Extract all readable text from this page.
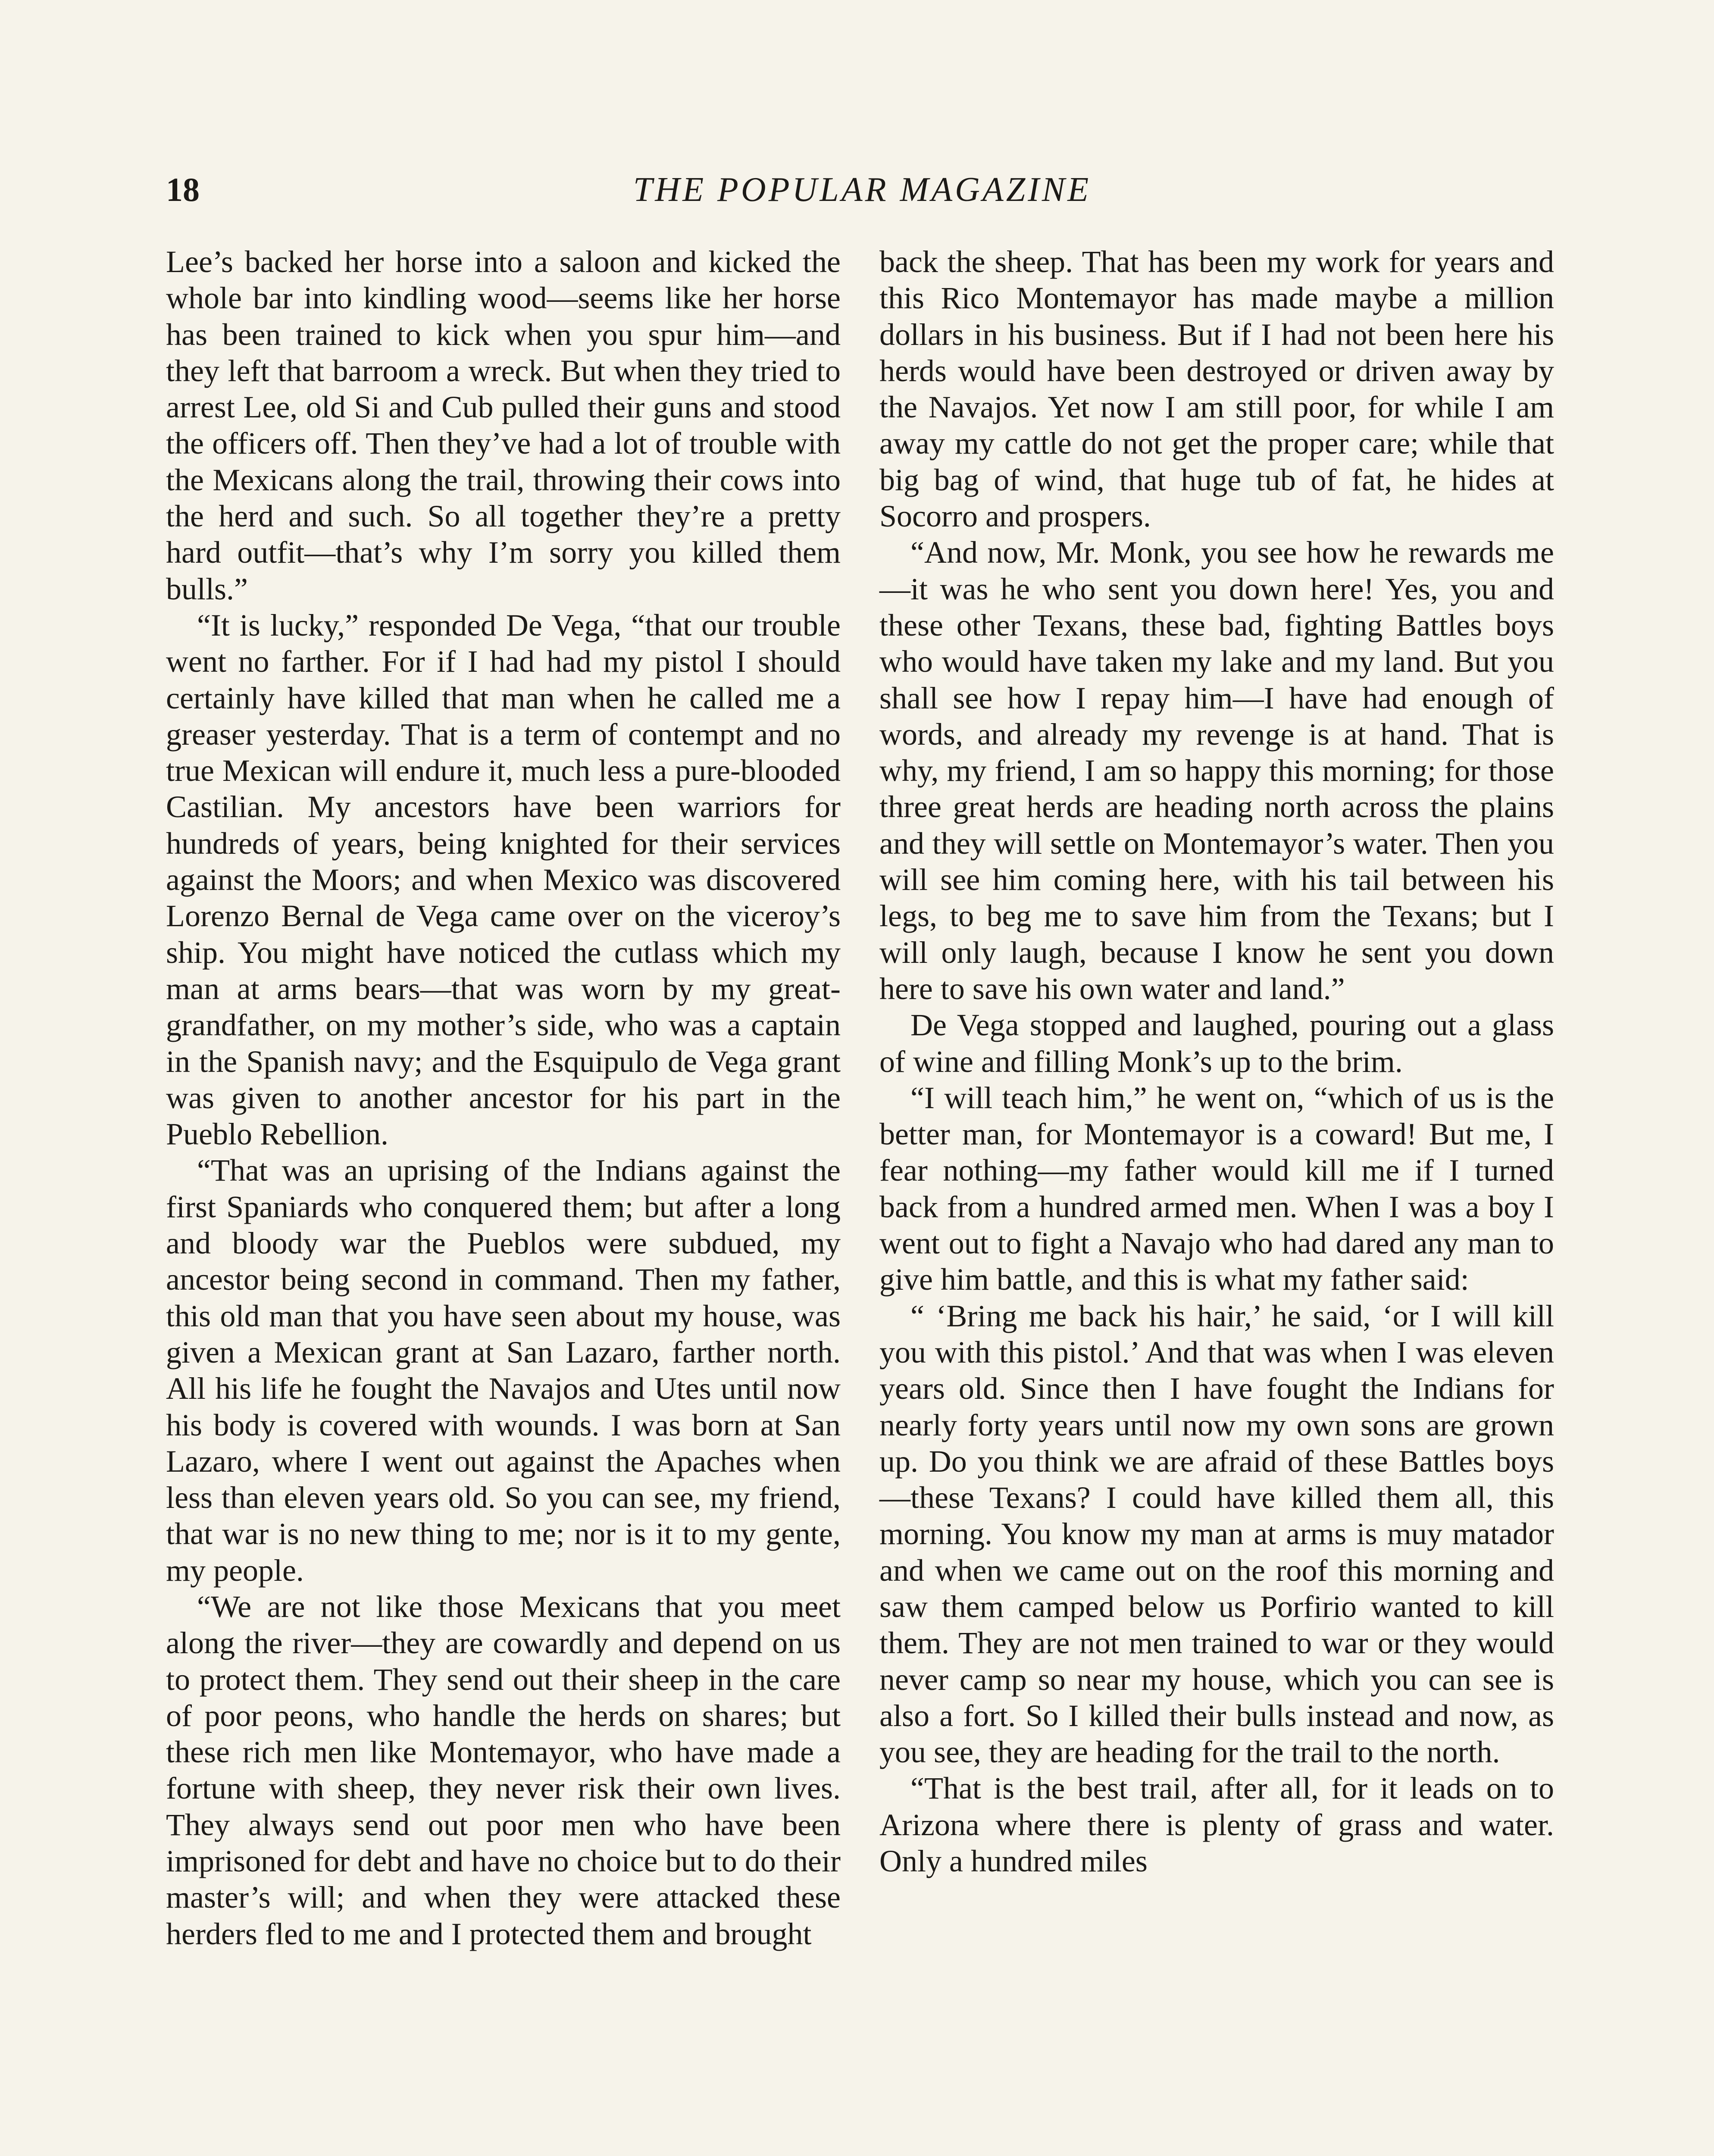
18	THE POPULAR MAGAZINE

Lee’s backed her horse into a saloon and kicked the whole bar into kindling wood—seems like her horse has been trained to kick when you spur him—and they left that barroom a wreck. But when they tried to arrest Lee, old Si and Cub pulled their guns and stood the officers off. Then they’ve had a lot of trouble with the Mexicans along the trail, throwing their cows into the herd and such. So all together they’re a pretty hard outfit—that’s why I’m sorry you killed them bulls.”

“It is lucky,” responded De Vega, “that our trouble went no farther. For if I had had my pistol I should certainly have killed that man when he called me a greaser yesterday. That is a term of contempt and no true Mexican will endure it, much less a pure-blooded Castilian. My ancestors have been warriors for hundreds of years, being knighted for their services against the Moors; and when Mexico was discovered Lorenzo Bernal de Vega came over on the viceroy’s ship. You might have noticed the cutlass which my man at arms bears—that was worn by my great-grandfather, on my mother’s side, who was a captain in the Spanish navy; and the Esquipulo de Vega grant was given to another ancestor for his part in the Pueblo Rebellion.

“That was an uprising of the Indians against the first Spaniards who conquered them; but after a long and bloody war the Pueblos were subdued, my ancestor being second in command. Then my father, this old man that you have seen about my house, was given a Mexican grant at San Lazaro, farther north. All his life he fought the Navajos and Utes until now his body is covered with wounds. I was born at San Lazaro, where I went out against the Apaches when less than eleven years old. So you can see, my friend, that war is no new thing to me; nor is it to my gente, my people.

“We are not like those Mexicans that you meet along the river—they are cowardly and depend on us to protect them. They send out their sheep in the care of poor peons, who handle the herds on shares; but these rich men like Montemayor, who have made a fortune with sheep, they never risk their own lives. They always send out poor men who have been imprisoned for debt and have no choice but to do their master’s will; and when they were attacked these herders fled to me and I protected them and brought

back the sheep. That has been my work for years and this Rico Montemayor has made maybe a million dollars in his business. But if I had not been here his herds would have been destroyed or driven away by the Navajos. Yet now I am still poor, for while I am away my cattle do not get the proper care; while that big bag of wind, that huge tub of fat, he hides at Socorro and prospers.

“And now, Mr. Monk, you see how he rewards me—it was he who sent you down here! Yes, you and these other Texans, these bad, fighting Battles boys who would have taken my lake and my land. But you shall see how I repay him—I have had enough of words, and already my revenge is at hand. That is why, my friend, I am so happy this morning; for those three great herds are heading north across the plains and they will settle on Montemayor’s water. Then you will see him coming here, with his tail between his legs, to beg me to save him from the Texans; but I will only laugh, because I know he sent you down here to save his own water and land.”

De Vega stopped and laughed, pouring out a glass of wine and filling Monk’s up to the brim.

“I will teach him,” he went on, “which of us is the better man, for Montemayor is a coward! But me, I fear nothing—my father would kill me if I turned back from a hundred armed men. When I was a boy I went out to fight a Navajo who had dared any man to give him battle, and this is what my father said:

“ ‘Bring me back his hair,’ he said, ‘or I will kill you with this pistol.’ And that was when I was eleven years old. Since then I have fought the Indians for nearly forty years until now my own sons are grown up. Do you think we are afraid of these Battles boys—these Texans? I could have killed them all, this morning. You know my man at arms is muy matador and when we came out on the roof this morning and saw them camped below us Porfirio wanted to kill them. They are not men trained to war or they would never camp so near my house, which you can see is also a fort. So I killed their bulls instead and now, as you see, they are heading for the trail to the north.

“That is the best trail, after all, for it leads on to Arizona where there is plenty of grass and water. Only a hundred miles
